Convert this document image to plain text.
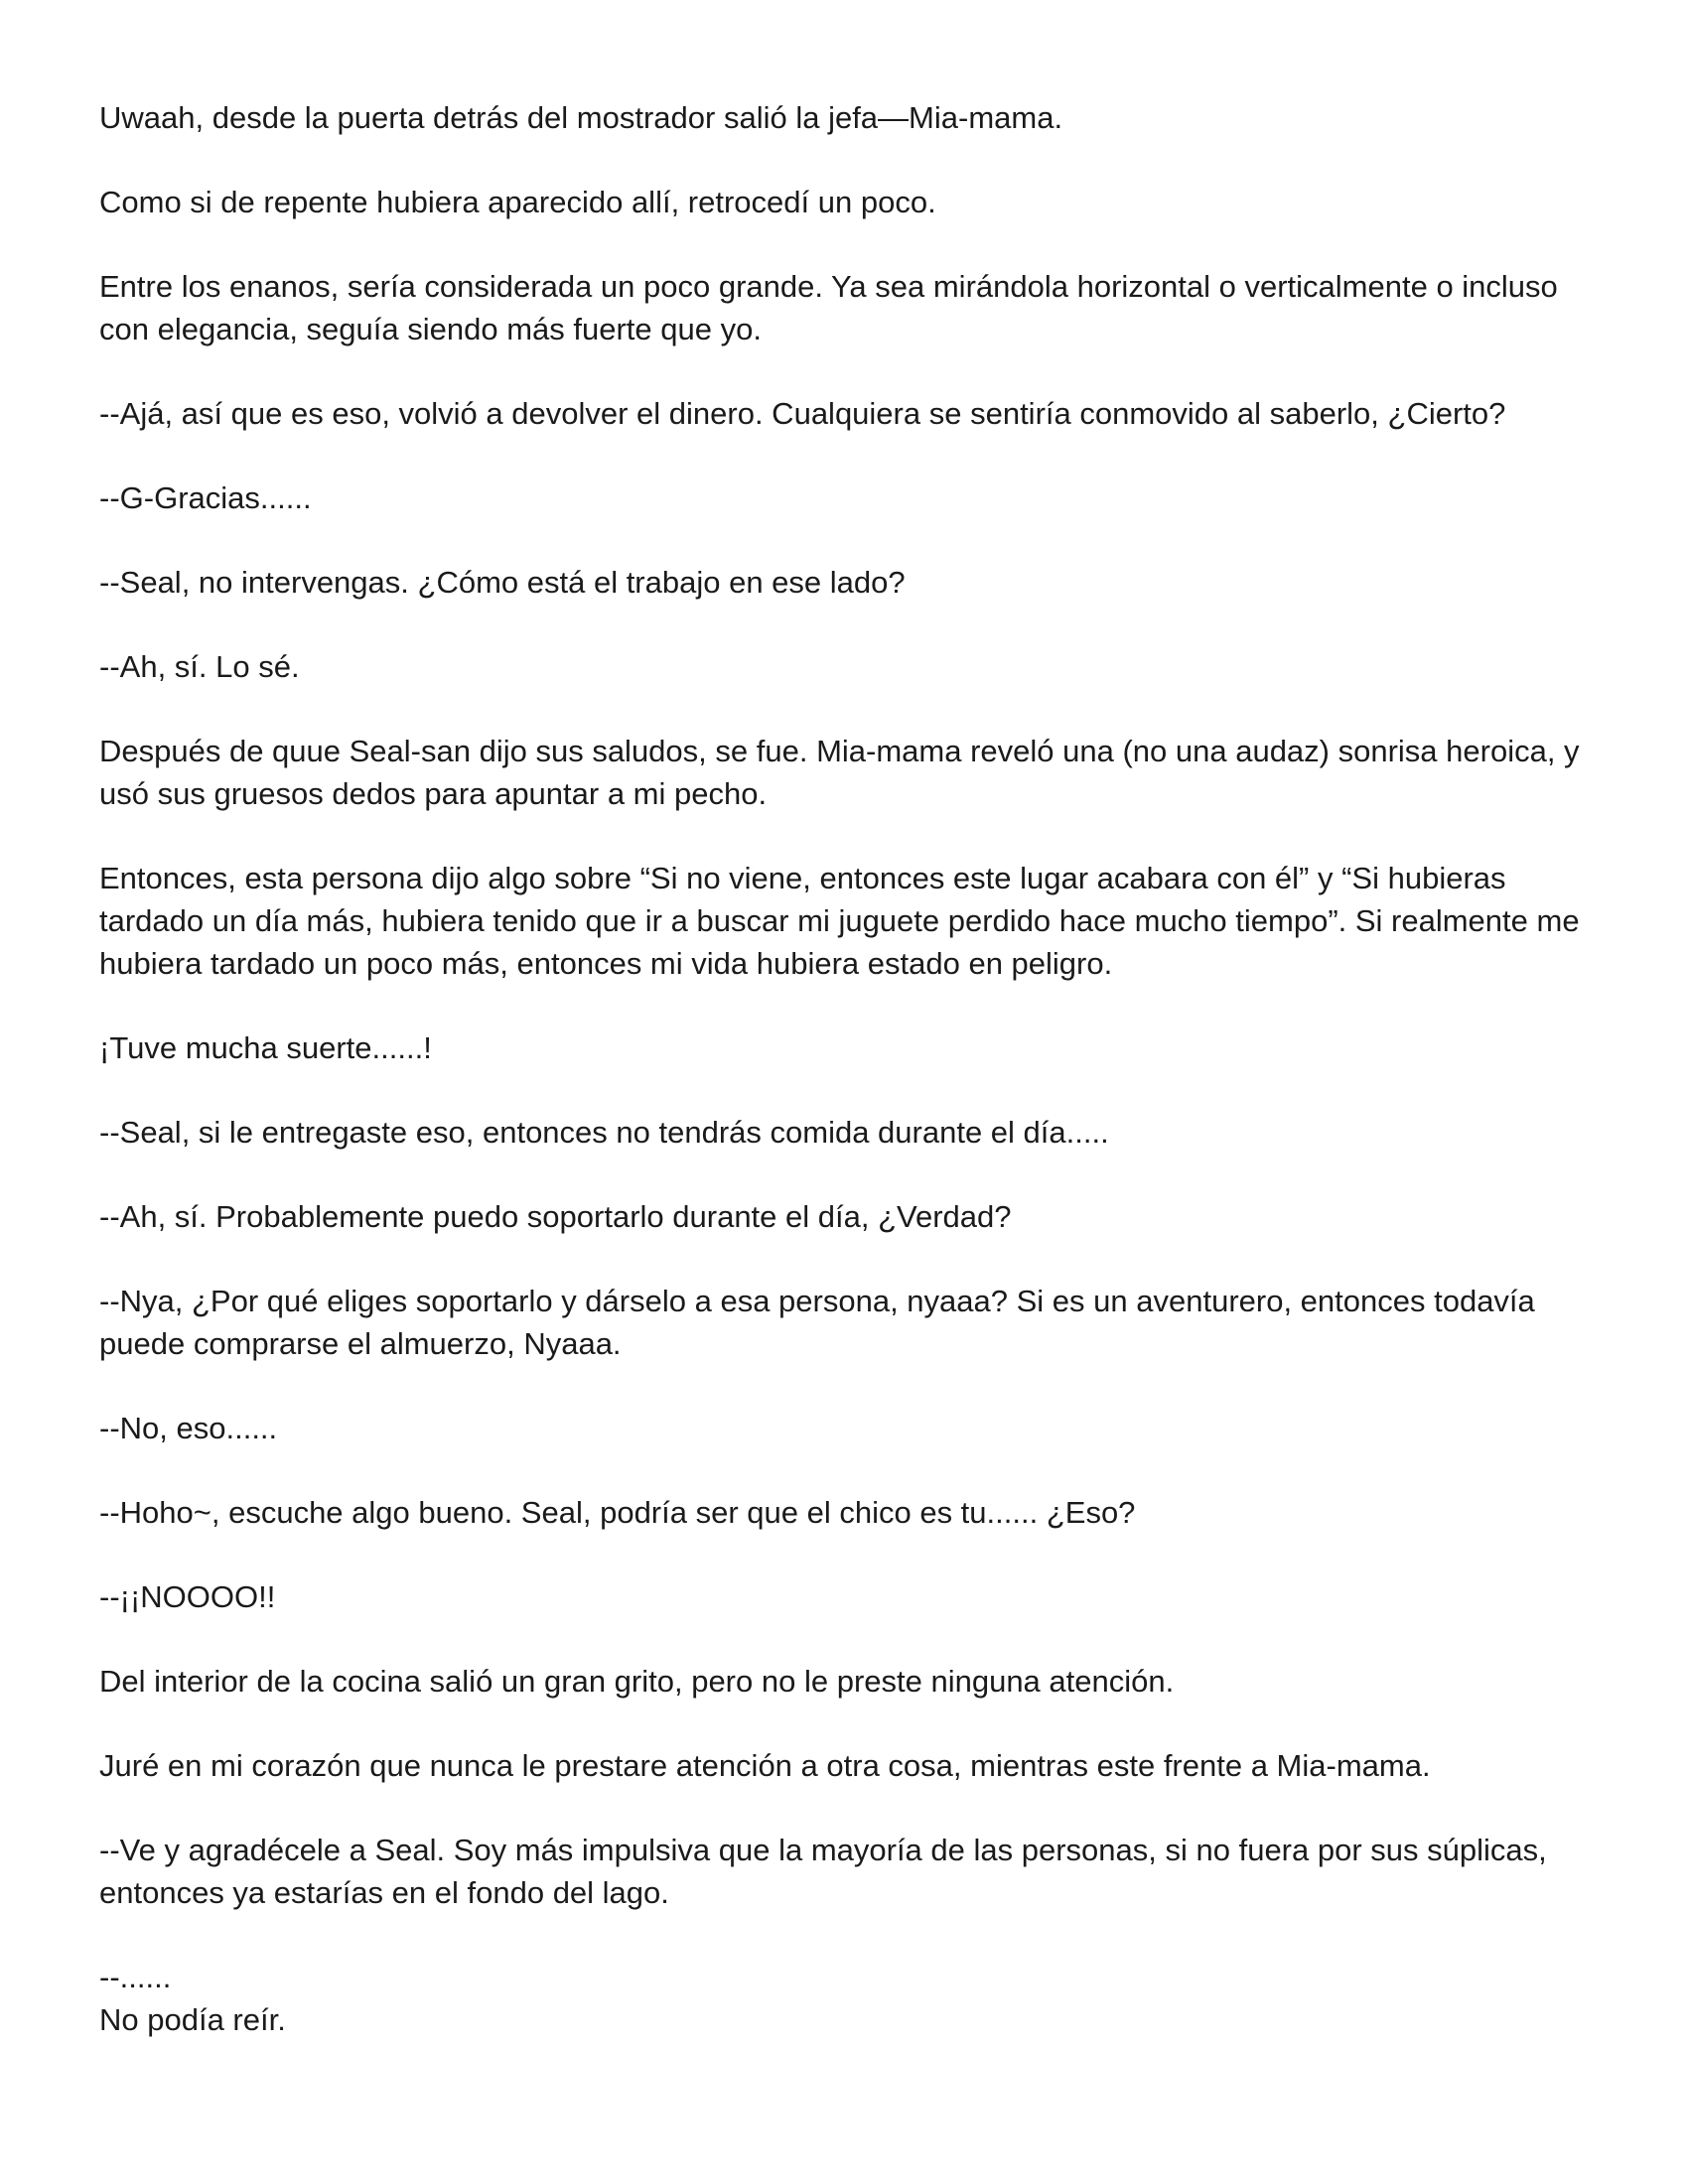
Uwaah, desde la puerta detrás del mostrador salió la jefa—Mia-mama.

Como si de repente hubiera aparecido allí, retrocedí un poco.

Entre los enanos, sería considerada un poco grande. Ya sea mirándola horizontal o verticalmente o incluso con elegancia, seguía siendo más fuerte que yo.

--Ajá, así que es eso, volvió a devolver el dinero. Cualquiera se sentiría conmovido al saberlo, ¿Cierto?

--G-Gracias......

--Seal, no intervengas. ¿Cómo está el trabajo en ese lado?

--Ah, sí. Lo sé.

Después de quue Seal-san dijo sus saludos, se fue. Mia-mama reveló una (no una audaz) sonrisa heroica, y usó sus gruesos dedos para apuntar a mi pecho.

Entonces, esta persona dijo algo sobre “Si no viene, entonces este lugar acabara con él” y “Si hubieras tardado un día más, hubiera tenido que ir a buscar mi juguete perdido hace mucho tiempo”. Si realmente me hubiera tardado un poco más, entonces mi vida hubiera estado en peligro.

¡Tuve mucha suerte......!

--Seal, si le entregaste eso, entonces no tendrás comida durante el día.....

--Ah, sí. Probablemente puedo soportarlo durante el día, ¿Verdad?

--Nya, ¿Por qué eliges soportarlo y dárselo a esa persona, nyaaa? Si es un aventurero, entonces todavía puede comprarse el almuerzo, Nyaaa.

--No, eso......

--Hoho~, escuche algo bueno. Seal, podría ser que el chico es tu...... ¿Eso?

--¡¡NOOOO!!

Del interior de la cocina salió un gran grito, pero no le preste ninguna atención.

Juré en mi corazón que nunca le prestare atención a otra cosa, mientras este frente a Mia-mama.

--Ve y agradécele a Seal. Soy más impulsiva que la mayoría de las personas, si no fuera por sus súplicas, entonces ya estarías en el fondo del lago.

--......

No podía reír.
